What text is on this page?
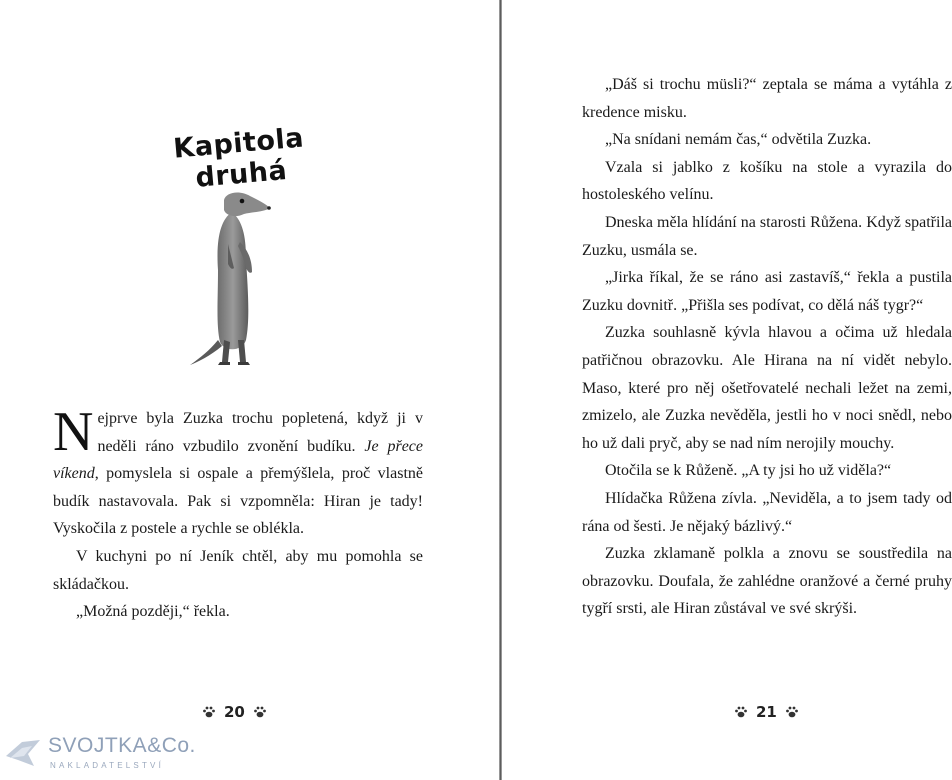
Kapitola druhá

Nejprve byla Zuzka trochu popletená, když ji v neděli ráno vzbudilo zvonění budíku. Je přece víkend, pomyslela si ospale a přemýšlela, proč vlastně budík nastavovala. Pak si vzpomněla: Hiran je tady! Vyskočila z postele a rychle se oblékla.

V kuchyni po ní Jeník chtěl, aby mu pomohla se skládačkou.

„Možná později,“ řekla.

20
SVOJTKA&Co.
NAKLADATELSTVÍ

„Dáš si trochu müsli?“ zeptala se máma a vytáhla z kredence misku.

„Na snídani nemám čas,“ odvětila Zuzka.

Vzala si jablko z košíku na stole a vyrazila do hostoleského velínu.

Dneska měla hlídání na starosti Růžena. Když spatřila Zuzku, usmála se.

„Jirka říkal, že se ráno asi zastavíš,“ řekla a pustila Zuzku dovnitř. „Přišla ses podívat, co dělá náš tygr?“

Zuzka souhlasně kývla hlavou a očima už hledala patřičnou obrazovku. Ale Hirana na ní vidět nebylo. Maso, které pro něj ošetřovatelé nechali ležet na zemi, zmizelo, ale Zuzka nevěděla, jestli ho v noci snědl, nebo ho už dali pryč, aby se nad ním nerojily mouchy.

Otočila se k Růženě. „A ty jsi ho už viděla?“

Hlídačka Růžena zívla. „Neviděla, a to jsem tady od rána od šesti. Je nějaký bázlivý.“

Zuzka zklamaně polkla a znovu se soustředila na obrazovku. Doufala, že zahlédne oranžové a černé pruhy tygří srsti, ale Hiran zůstával ve své skrýši.

21
